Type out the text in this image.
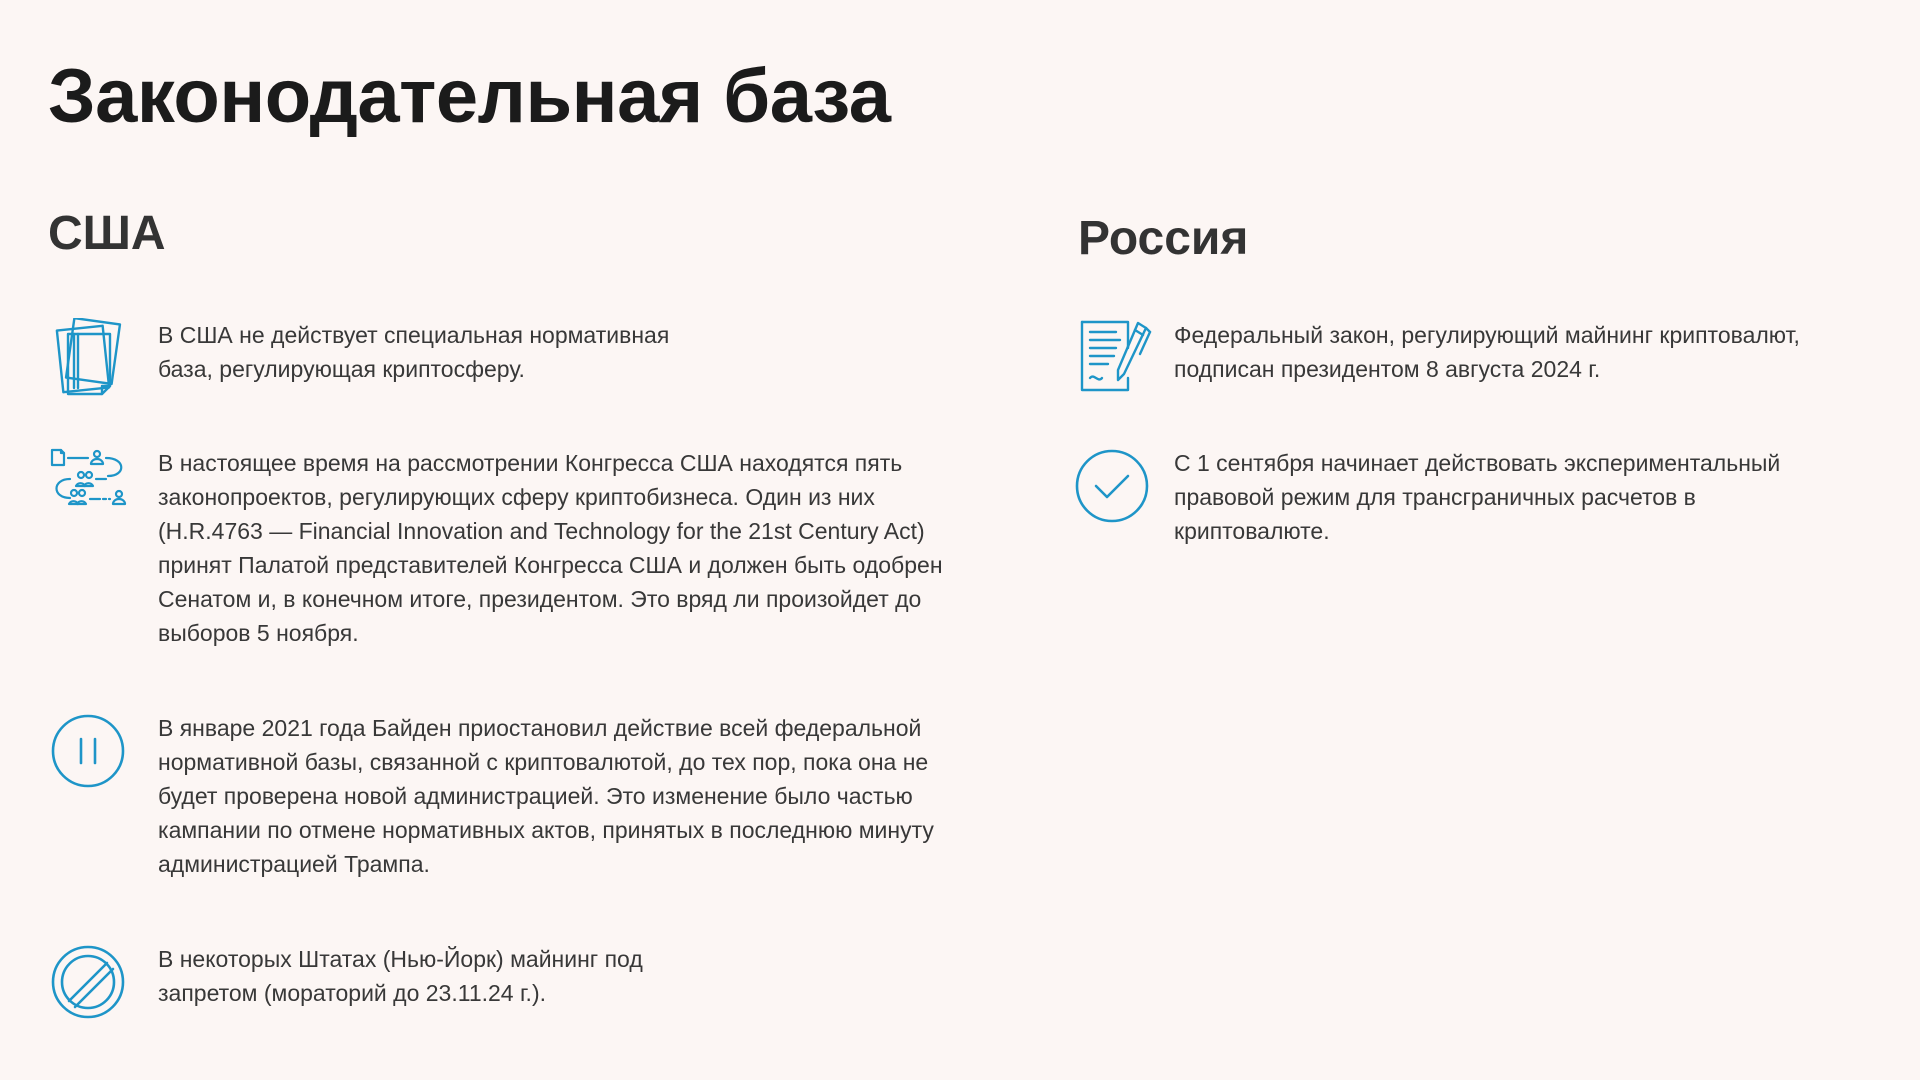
Законодательная база
США

В США не действует специальная нормативная база, регулирующая криптосферу.

В настоящее время на рассмотрении Конгресса США находятся пять законопроектов, регулирующих сферу криптобизнеса. Один из них (H.R.4763 — Financial Innovation and Technology for the 21st Century Act) принят Палатой представителей Конгресса США и должен быть одобрен Сенатом и, в конечном итоге, президентом. Это вряд ли произойдет до выборов 5 ноября.

В январе 2021 года Байден приостановил действие всей федеральной нормативной базы, связанной с криптовалютой, до тех пор, пока она не будет проверена новой администрацией. Это изменение было частью кампании по отмене нормативных актов, принятых в последнюю минуту администрацией Трампа.

В некоторых Штатах (Нью-Йорк) майнинг под запретом (мораторий до 23.11.24 г.).

Россия

Федеральный закон, регулирующий майнинг криптовалют, подписан президентом 8 августа 2024 г.

С 1 сентября начинает действовать экспериментальный правовой режим для трансграничных расчетов в криптовалюте.
